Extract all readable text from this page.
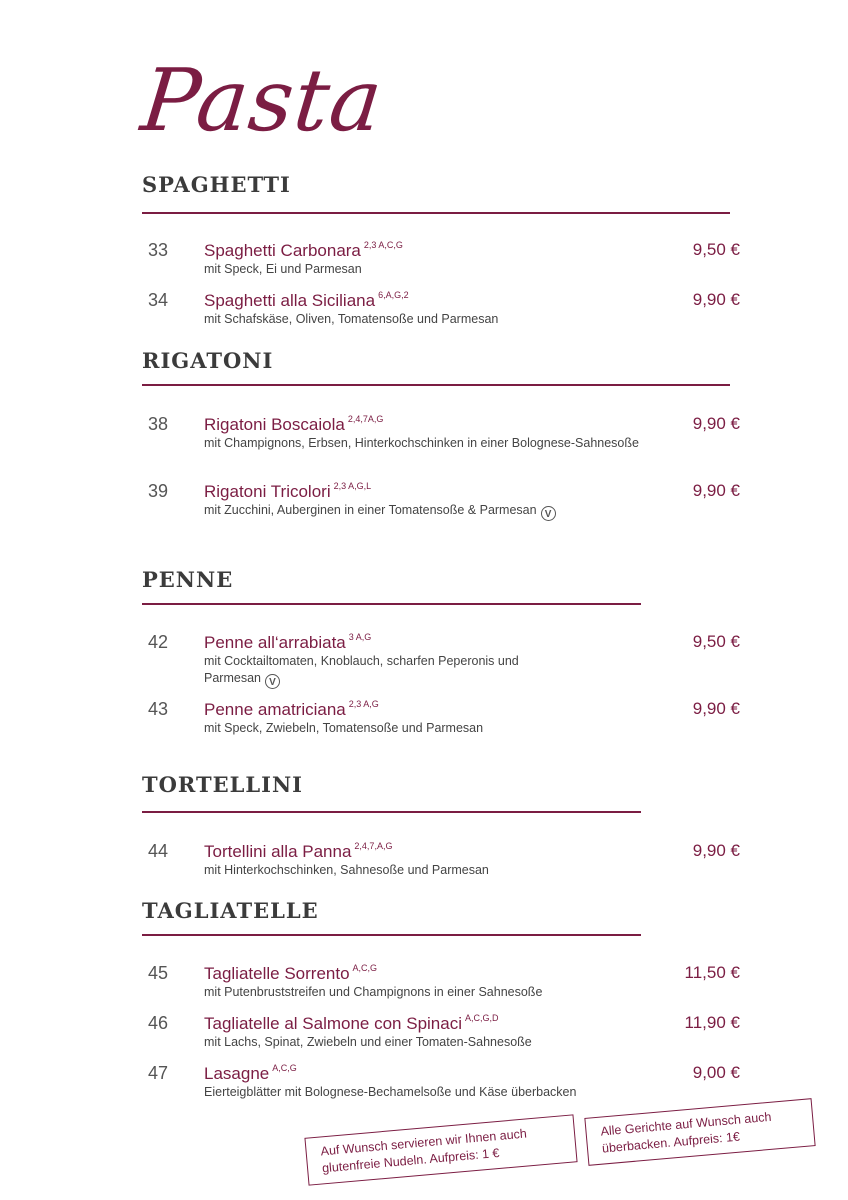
Pasta
SPAGHETTI
33 Spaghetti Carbonara $^{2,3 A,C,G}$
mit Speck, Ei und Parmesan
9,50 €
34 Spaghetti alla Siciliana $^{6,A,G,2}$
mit Schafskäse, Oliven, Tomatensoße und Parmesan
9,90 €
RIGATONI
38 Rigatoni Boscaiola $^{2,4,7A,G}$
mit Champignons, Erbsen, Hinterkochschinken in einer Bolognese-Sahnesoße
9,90 €
39 Rigatoni Tricolori $^{2,3 A,G,L}$
mit Zucchini, Auberginen in einer Tomatensoße & Parmesan V
9,90 €
PENNE
42 Penne all‘arrabiata $^{3 A,G}$
mit Cocktailtomaten, Knoblauch, scharfen Peperonis und Parmesan V
9,50 €
43 Penne amatriciana $^{2,3 A,G}$
mit Speck, Zwiebeln, Tomatensoße und Parmesan
9,90 €
TORTELLINI
44 Tortellini alla Panna $^{2,4,7,A,G}$
mit Hinterkochschinken, Sahnesoße und Parmesan
9,90 €
TAGLIATELLE
45 Tagliatelle Sorrento $^{A,C,G}$
mit Putenbruststreifen und Champignons in einer Sahnesoße
11,50 €
46 Tagliatelle al Salmone con Spinaci $^{A,C,G,D}$
mit Lachs, Spinat, Zwiebeln und einer Tomaten-Sahnesoße
11,90 €
47 Lasagne $^{A,C,G}$
Eierteigblätter mit Bolognese-Bechamelsoße und Käse überbacken
9,00 €
Auf Wunsch servieren wir Ihnen auch glutenfreie Nudeln. Aufpreis: 1 €
Alle Gerichte auf Wunsch auch überbacken. Aufpreis: 1€
